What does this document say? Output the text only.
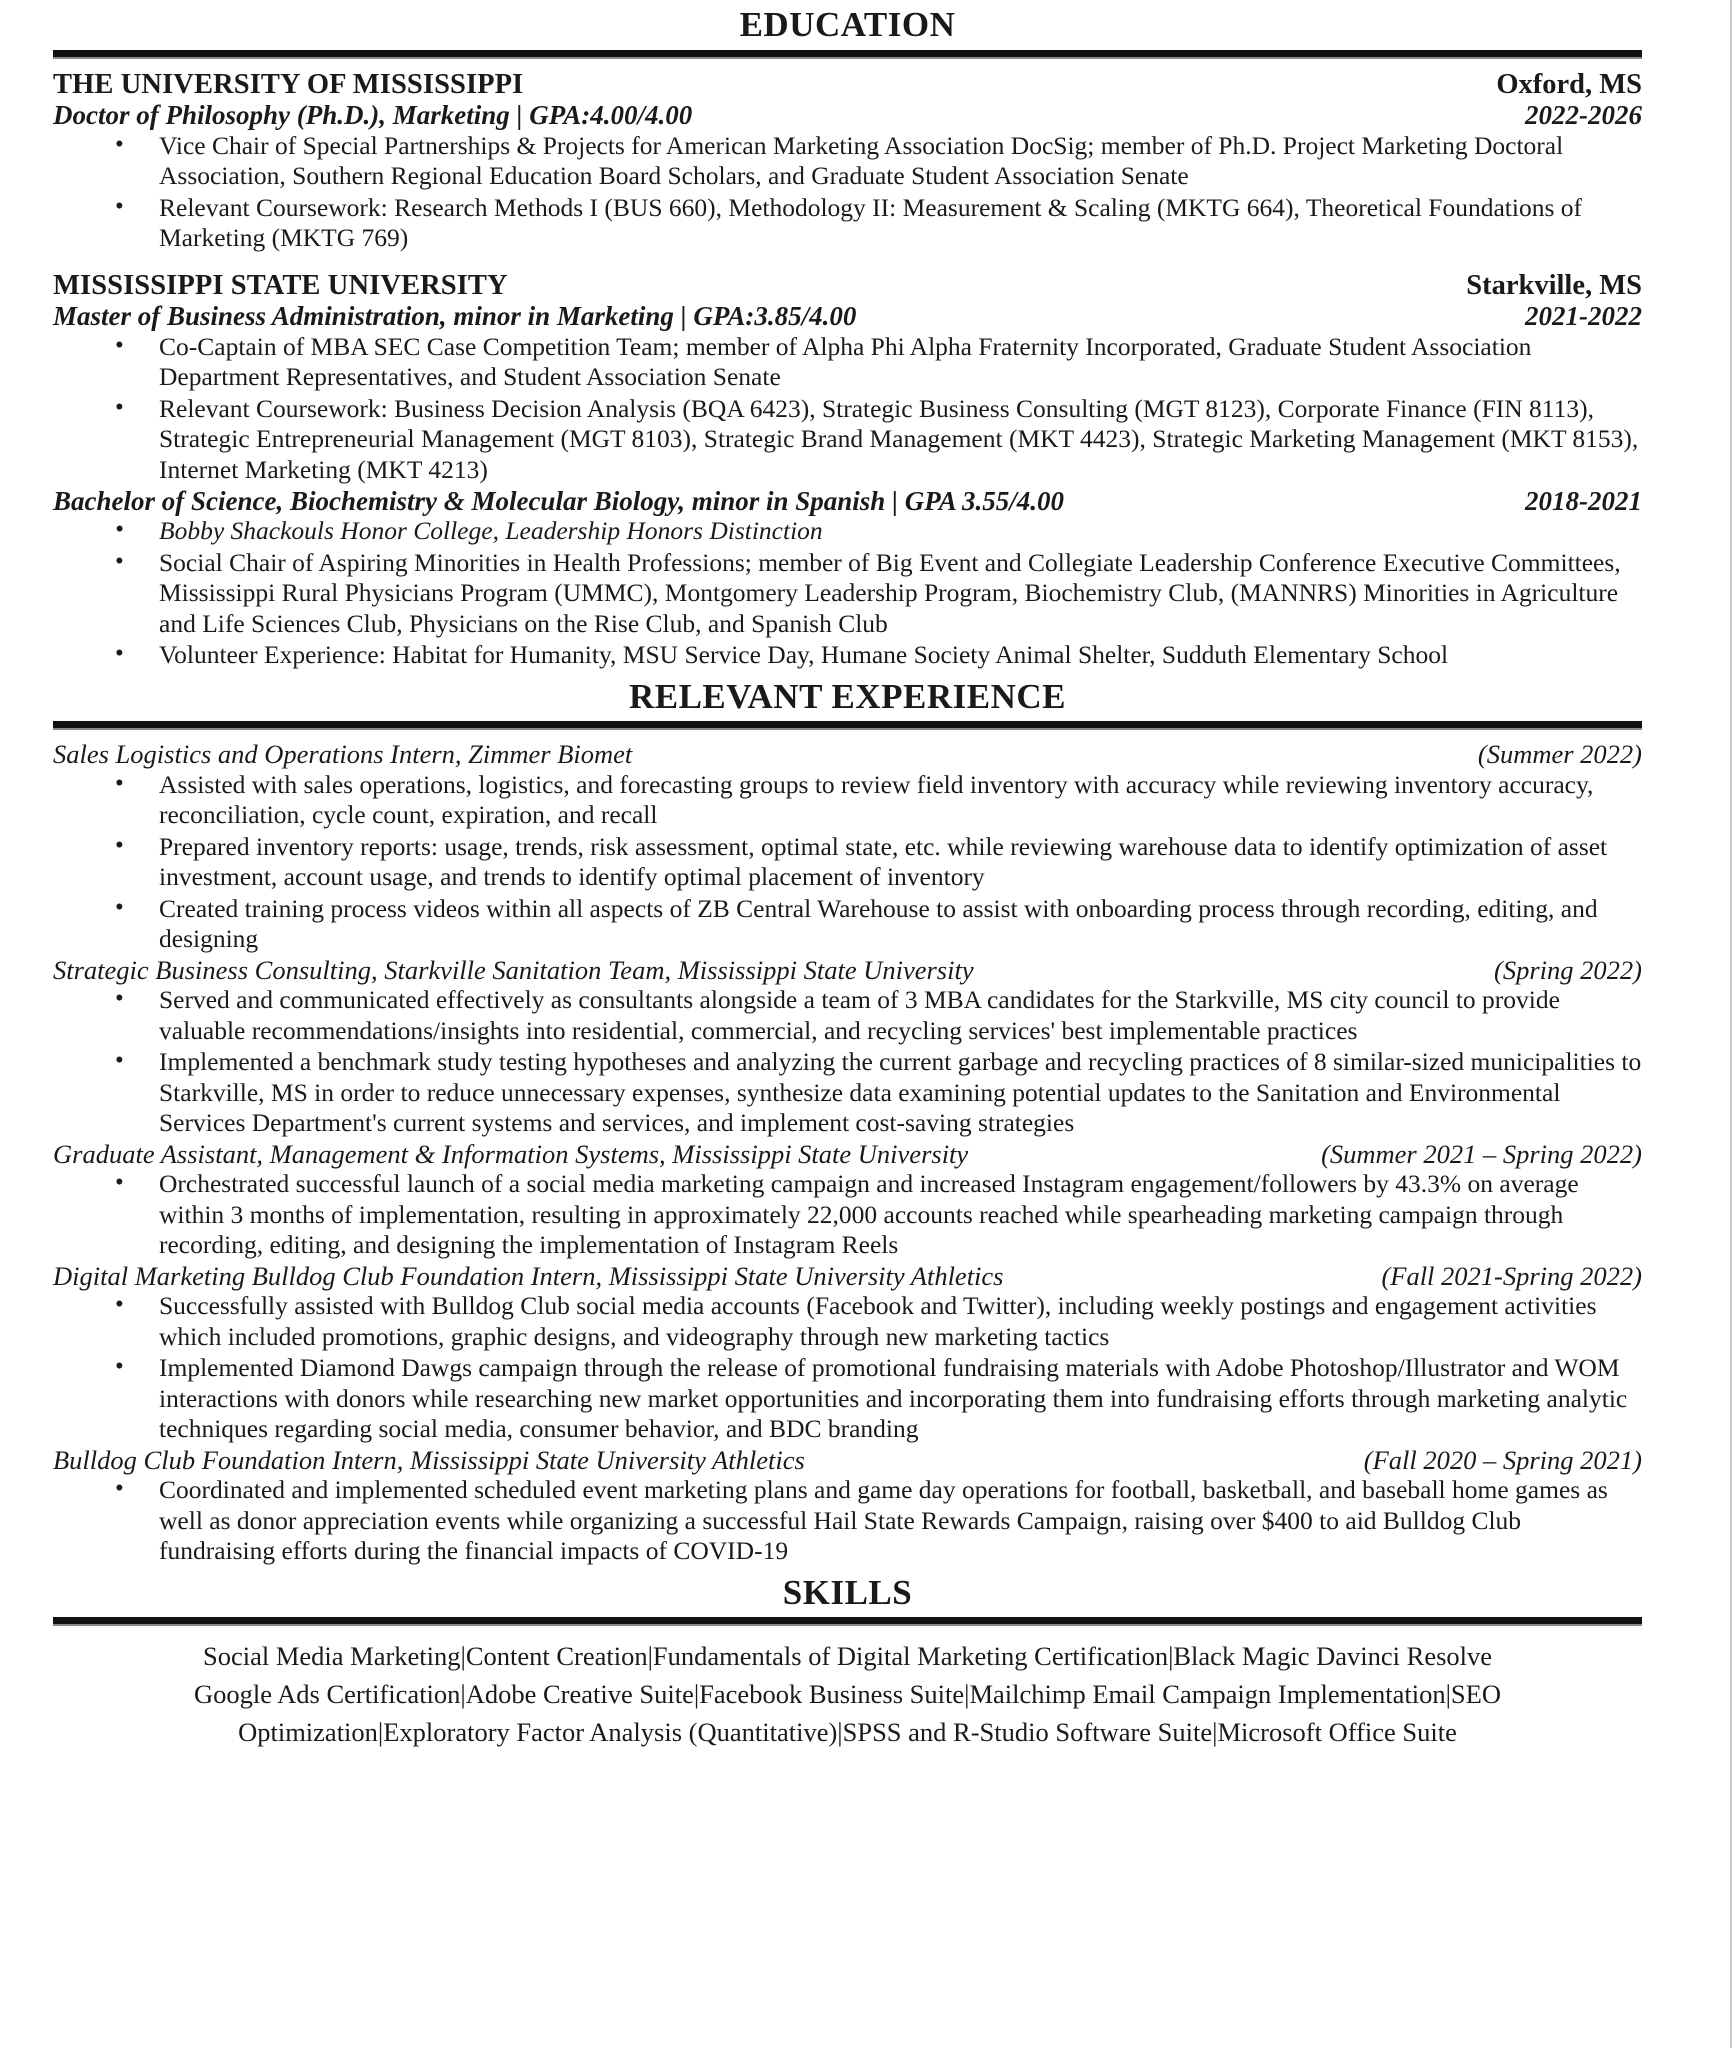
EDUCATION
THE UNIVERSITY OF MISSISSIPPI	Oxford, MS
Doctor of Philosophy (Ph.D.), Marketing | GPA:4.00/4.00	2022-2026
• Vice Chair of Special Partnerships & Projects for American Marketing Association DocSig; member of Ph.D. Project Marketing Doctoral Association, Southern Regional Education Board Scholars, and Graduate Student Association Senate
• Relevant Coursework: Research Methods I (BUS 660), Methodology II: Measurement & Scaling (MKTG 664), Theoretical Foundations of Marketing (MKTG 769)
MISSISSIPPI STATE UNIVERSITY	Starkville, MS
Master of Business Administration, minor in Marketing | GPA:3.85/4.00	2021-2022
• Co-Captain of MBA SEC Case Competition Team; member of Alpha Phi Alpha Fraternity Incorporated, Graduate Student Association Department Representatives, and Student Association Senate
• Relevant Coursework: Business Decision Analysis (BQA 6423), Strategic Business Consulting (MGT 8123), Corporate Finance (FIN 8113), Strategic Entrepreneurial Management (MGT 8103), Strategic Brand Management (MKT 4423), Strategic Marketing Management (MKT 8153), Internet Marketing (MKT 4213)
Bachelor of Science, Biochemistry & Molecular Biology, minor in Spanish | GPA 3.55/4.00	2018-2021
• Bobby Shackouls Honor College, Leadership Honors Distinction
• Social Chair of Aspiring Minorities in Health Professions; member of Big Event and Collegiate Leadership Conference Executive Committees, Mississippi Rural Physicians Program (UMMC), Montgomery Leadership Program, Biochemistry Club, (MANNRS) Minorities in Agriculture and Life Sciences Club, Physicians on the Rise Club, and Spanish Club
• Volunteer Experience: Habitat for Humanity, MSU Service Day, Humane Society Animal Shelter, Sudduth Elementary School
RELEVANT EXPERIENCE
Sales Logistics and Operations Intern, Zimmer Biomet	(Summer 2022)
• Assisted with sales operations, logistics, and forecasting groups to review field inventory with accuracy while reviewing inventory accuracy, reconciliation, cycle count, expiration, and recall
• Prepared inventory reports: usage, trends, risk assessment, optimal state, etc. while reviewing warehouse data to identify optimization of asset investment, account usage, and trends to identify optimal placement of inventory
• Created training process videos within all aspects of ZB Central Warehouse to assist with onboarding process through recording, editing, and designing
Strategic Business Consulting, Starkville Sanitation Team, Mississippi State University	(Spring 2022)
• Served and communicated effectively as consultants alongside a team of 3 MBA candidates for the Starkville, MS city council to provide valuable recommendations/insights into residential, commercial, and recycling services' best implementable practices
• Implemented a benchmark study testing hypotheses and analyzing the current garbage and recycling practices of 8 similar-sized municipalities to Starkville, MS in order to reduce unnecessary expenses, synthesize data examining potential updates to the Sanitation and Environmental Services Department's current systems and services, and implement cost-saving strategies
Graduate Assistant, Management & Information Systems, Mississippi State University	(Summer 2021 – Spring 2022)
• Orchestrated successful launch of a social media marketing campaign and increased Instagram engagement/followers by 43.3% on average within 3 months of implementation, resulting in approximately 22,000 accounts reached while spearheading marketing campaign through recording, editing, and designing the implementation of Instagram Reels
Digital Marketing Bulldog Club Foundation Intern, Mississippi State University Athletics	(Fall 2021-Spring 2022)
• Successfully assisted with Bulldog Club social media accounts (Facebook and Twitter), including weekly postings and engagement activities which included promotions, graphic designs, and videography through new marketing tactics
• Implemented Diamond Dawgs campaign through the release of promotional fundraising materials with Adobe Photoshop/Illustrator and WOM interactions with donors while researching new market opportunities and incorporating them into fundraising efforts through marketing analytic techniques regarding social media, consumer behavior, and BDC branding
Bulldog Club Foundation Intern, Mississippi State University Athletics	(Fall 2020 – Spring 2021)
• Coordinated and implemented scheduled event marketing plans and game day operations for football, basketball, and baseball home games as well as donor appreciation events while organizing a successful Hail State Rewards Campaign, raising over $400 to aid Bulldog Club fundraising efforts during the financial impacts of COVID-19
SKILLS
Social Media Marketing|Content Creation|Fundamentals of Digital Marketing Certification|Black Magic Davinci Resolve
Google Ads Certification|Adobe Creative Suite|Facebook Business Suite|Mailchimp Email Campaign Implementation|SEO
Optimization|Exploratory Factor Analysis (Quantitative)|SPSS and R-Studio Software Suite|Microsoft Office Suite
